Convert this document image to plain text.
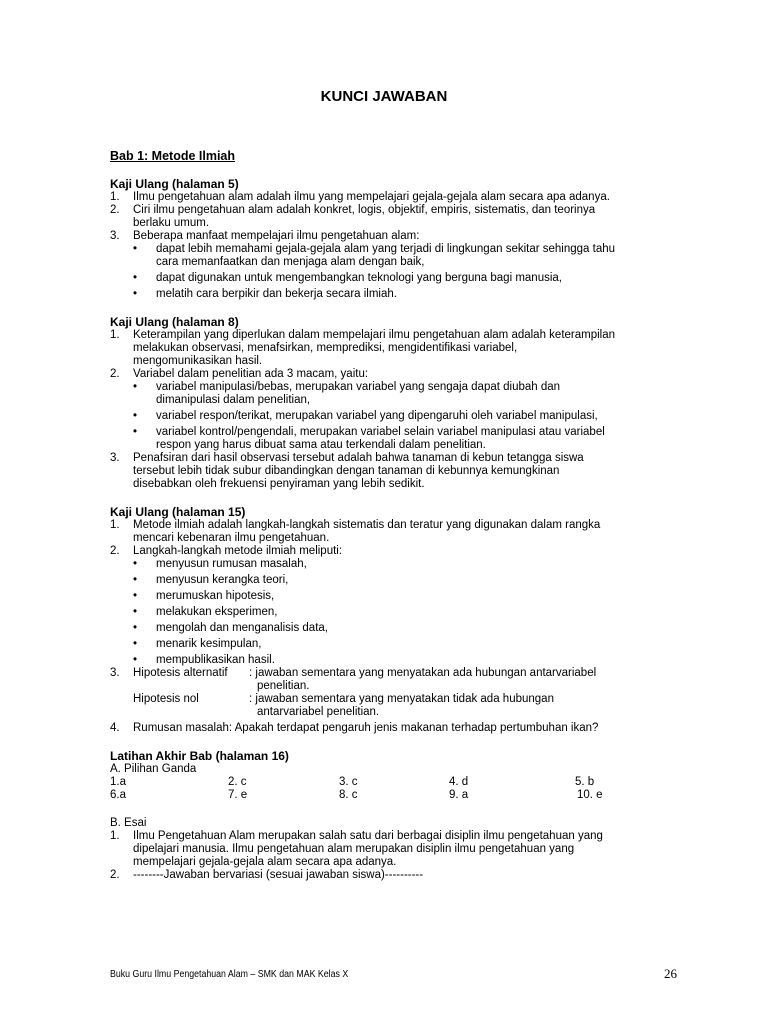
KUNCI JAWABAN
Bab 1: Metode Ilmiah
Kaji Ulang (halaman 5)
1. Ilmu pengetahuan alam adalah ilmu yang mempelajari gejala-gejala alam secara apa adanya.
2. Ciri ilmu pengetahuan alam adalah konkret, logis, objektif, empiris, sistematis, dan teorinya
berlaku umum.
3. Beberapa manfaat mempelajari ilmu pengetahuan alam:
• dapat lebih memahami gejala-gejala alam yang terjadi di lingkungan sekitar sehingga tahu
cara memanfaatkan dan menjaga alam dengan baik,
• dapat digunakan untuk mengembangkan teknologi yang berguna bagi manusia,
• melatih cara berpikir dan bekerja secara ilmiah.
Kaji Ulang (halaman 8)
1. Keterampilan yang diperlukan dalam mempelajari ilmu pengetahuan alam adalah keterampilan
melakukan observasi, menafsirkan, memprediksi, mengidentifikasi variabel,
mengomunikasikan hasil.
2. Variabel dalam penelitian ada 3 macam, yaitu:
• variabel manipulasi/bebas, merupakan variabel yang sengaja dapat diubah dan
dimanipulasi dalam penelitian,
• variabel respon/terikat, merupakan variabel yang dipengaruhi oleh variabel manipulasi,
• variabel kontrol/pengendali, merupakan variabel selain variabel manipulasi atau variabel
respon yang harus dibuat sama atau terkendali dalam penelitian.
3. Penafsiran dari hasil observasi tersebut adalah bahwa tanaman di kebun tetangga siswa
tersebut lebih tidak subur dibandingkan dengan tanaman di kebunnya kemungkinan
disebabkan oleh frekuensi penyiraman yang lebih sedikit.
Kaji Ulang (halaman 15)
1. Metode ilmiah adalah langkah-langkah sistematis dan teratur yang digunakan dalam rangka
mencari kebenaran ilmu pengetahuan.
2. Langkah-langkah metode ilmiah meliputi:
• menyusun rumusan masalah,
• menyusun kerangka teori,
• merumuskan hipotesis,
• melakukan eksperimen,
• mengolah dan menganalisis data,
• menarik kesimpulan,
• mempublikasikan hasil.
3. Hipotesis alternatif : jawaban sementara yang menyatakan ada hubungan antarvariabel
penelitian.
Hipotesis nol	: jawaban sementara yang menyatakan tidak ada hubungan
antarvariabel penelitian.
4. Rumusan masalah: Apakah terdapat pengaruh jenis makanan terhadap pertumbuhan ikan?
Latihan Akhir Bab (halaman 16)
A. Pilihan Ganda
1.a	2. c	3. c	4. d	5. b
6.a	7. e	8. c	9. a	10. e
B. Esai
1. Ilmu Pengetahuan Alam merupakan salah satu dari berbagai disiplin ilmu pengetahuan yang
dipelajari manusia. Ilmu pengetahuan alam merupakan disiplin ilmu pengetahuan yang
mempelajari gejala-gejala alam secara apa adanya.
2. --------Jawaban bervariasi (sesuai jawaban siswa)----------
Buku Guru Ilmu Pengetahuan Alam – SMK dan MAK Kelas X	26
